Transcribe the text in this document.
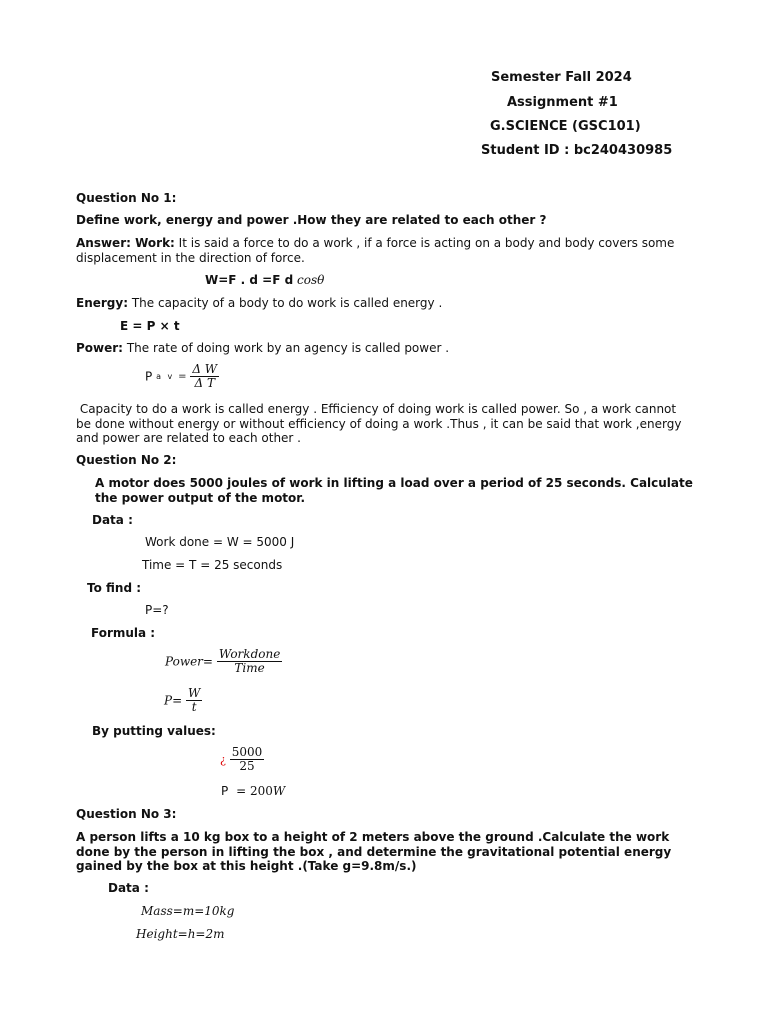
Semester Fall 2024
Assignment #1
G.SCIENCE (GSC101)
Student ID : bc240430985
Question No 1:
Define work, energy and power .How they are related to each other ?
Answer: Work: It is said a force to do a work , if a force is acting on a body and body covers some displacement in the direction of force.
W=F . d =F d cosθ
Energy: The capacity of a body to do work is called energy .
E = P × t
Power: The rate of doing work by an agency is called power .
P a $v = \frac{\text{Δ W}}{\text{Δ T}}$
Capacity to do a work is called energy . Efficiency of doing work is called power. So , a work cannot be done without energy or without efficiency of doing a work .Thus , it can be said that work ,energy and power are related to each other .
Question No 2:
A motor does 5000 joules of work in lifting a load over a period of 25 seconds. Calculate the power output of the motor.
Data :
Work done = W = 5000 J
Time = T = 25 seconds
To find :
P=?
Formula :
Power= $\frac{\text{Workdone}}{\text{Time}}$
$P= \frac{W}{t}$
By putting values:
¿ $\frac{5000}{25}$
P = 200W
Question No 3:
A person lifts a 10 kg box to a height of 2 meters above the ground .Calculate the work done by the person in lifting the box , and determine the gravitational potential energy gained by the box at this height .(Take g=9.8m/s.)
Data :
Mass=m=10kg
Height=h=2m
